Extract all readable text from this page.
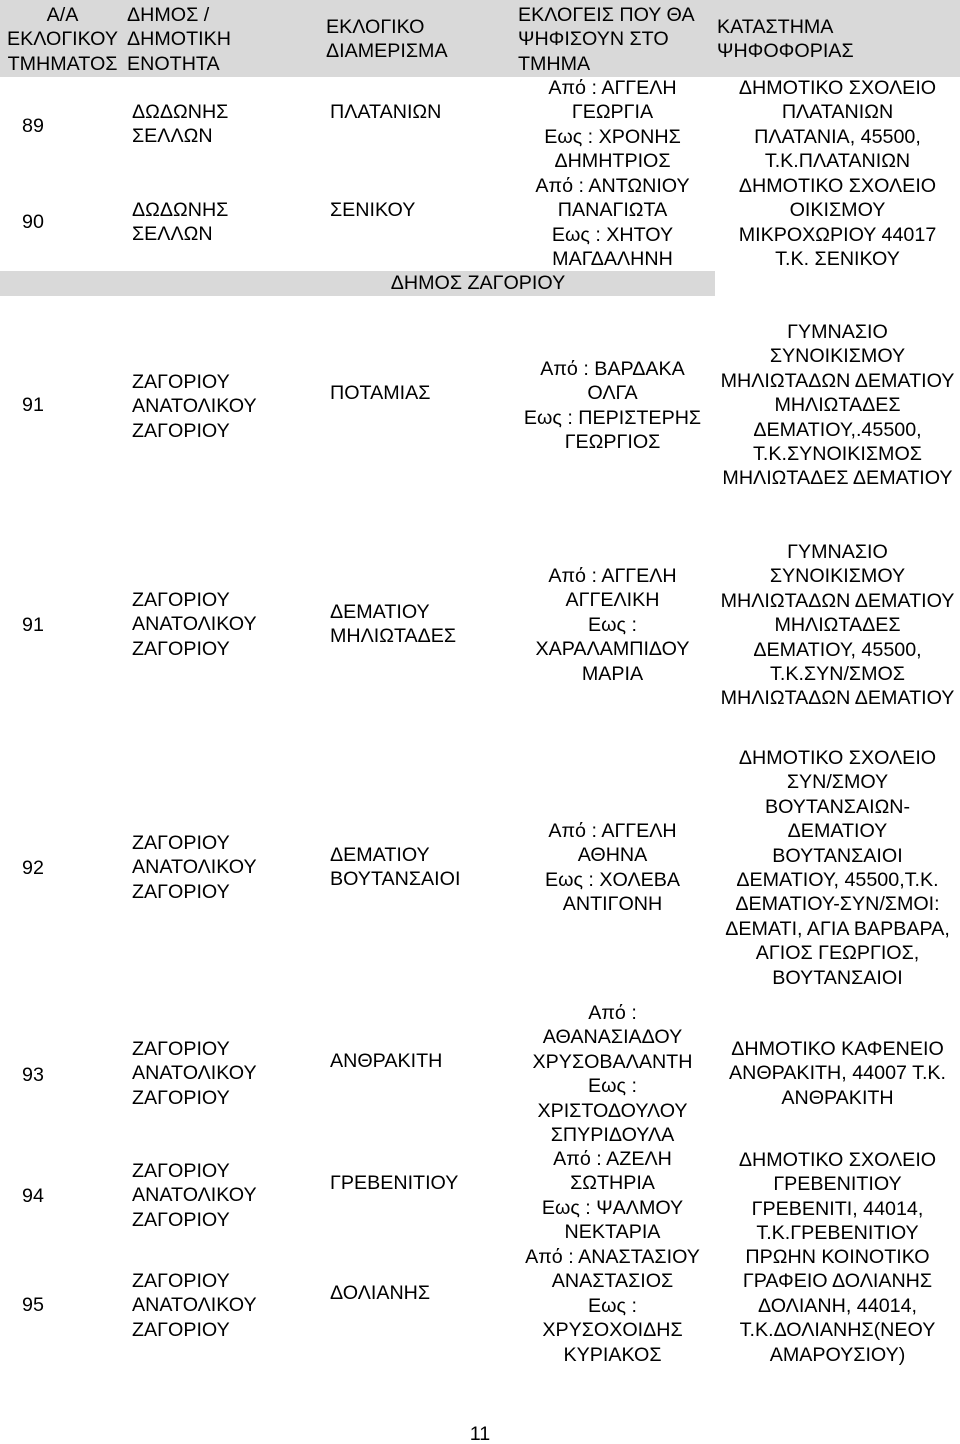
Α/Α
ΕΚΛΟΓΙΚΟΥ
ΤΜΗΜΑΤΟΣ
ΔΗΜΟΣ /
ΔΗΜΟΤΙΚΗ
ΕΝΟΤΗΤΑ
ΕΚΛΟΓΙΚΟ
ΔΙΑΜΕΡΙΣΜΑ
ΕΚΛΟΓΕΙΣ ΠΟΥ ΘΑ
ΨΗΦΙΣΟΥΝ ΣΤΟ
ΤΜΗΜΑ
ΚΑΤΑΣΤΗΜΑ
ΨΗΦΟΦΟΡΙΑΣ
89
ΔΩΔΩΝΗΣ
ΣΕΛΛΩΝ
ΠΛΑΤΑΝΙΩΝ
Από : ΑΓΓΕΛΗ
ΓΕΩΡΓΙΑ
Εως : ΧΡΟΝΗΣ
ΔΗΜΗΤΡΙΟΣ
ΔΗΜΟΤΙΚΟ ΣΧΟΛΕΙΟ
ΠΛΑΤΑΝΙΩΝ
ΠΛΑΤΑΝΙΑ, 45500,
Τ.Κ.ΠΛΑΤΑΝΙΩΝ
90
ΔΩΔΩΝΗΣ
ΣΕΛΛΩΝ
ΣΕΝΙΚΟΥ
Από : ΑΝΤΩΝΙΟΥ
ΠΑΝΑΓΙΩΤΑ
Εως : ΧΗΤΟΥ
ΜΑΓΔΑΛΗΝΗ
ΔΗΜΟΤΙΚΟ ΣΧΟΛΕΙΟ
ΟΙΚΙΣΜΟΥ
ΜΙΚΡΟΧΩΡΙΟΥ 44017
Τ.Κ. ΣΕΝΙΚΟΥ
ΔΗΜΟΣ ΖΑΓΟΡΙΟΥ
91
ΖΑΓΟΡΙΟΥ
ΑΝΑΤΟΛΙΚΟΥ
ΖΑΓΟΡΙΟΥ
ΠΟΤΑΜΙΑΣ
Από : ΒΑΡΔΑΚΑ
ΟΛΓΑ
Εως : ΠΕΡΙΣΤΕΡΗΣ
ΓΕΩΡΓΙΟΣ
ΓΥΜΝΑΣΙΟ
ΣΥΝΟΙΚΙΣΜΟΥ
ΜΗΛΙΩΤΑΔΩΝ ΔΕΜΑΤΙΟΥ
ΜΗΛΙΩΤΑΔΕΣ
ΔΕΜΑΤΙΟΥ,.45500,
Τ.Κ.ΣΥΝΟΙΚΙΣΜΟΣ
ΜΗΛΙΩΤΑΔΕΣ ΔΕΜΑΤΙΟΥ
91
ΖΑΓΟΡΙΟΥ
ΑΝΑΤΟΛΙΚΟΥ
ΖΑΓΟΡΙΟΥ
ΔΕΜΑΤΙΟΥ
ΜΗΛΙΩΤΑΔΕΣ
Από : ΑΓΓΕΛΗ
ΑΓΓΕΛΙΚΗ
Εως :
ΧΑΡΑΛΑΜΠΙΔΟΥ
ΜΑΡΙΑ
ΓΥΜΝΑΣΙΟ
ΣΥΝΟΙΚΙΣΜΟΥ
ΜΗΛΙΩΤΑΔΩΝ ΔΕΜΑΤΙΟΥ
ΜΗΛΙΩΤΑΔΕΣ
ΔΕΜΑΤΙΟΥ, 45500,
Τ.Κ.ΣΥΝ/ΣΜΟΣ
ΜΗΛΙΩΤΑΔΩΝ ΔΕΜΑΤΙΟΥ
92
ΖΑΓΟΡΙΟΥ
ΑΝΑΤΟΛΙΚΟΥ
ΖΑΓΟΡΙΟΥ
ΔΕΜΑΤΙΟΥ
ΒΟΥΤΑΝΣΑΙΟΙ
Από : ΑΓΓΕΛΗ
ΑΘΗΝΑ
Εως : ΧΟΛΕΒΑ
ΑΝΤΙΓΟΝΗ
ΔΗΜΟΤΙΚΟ ΣΧΟΛΕΙΟ
ΣΥΝ/ΣΜΟΥ
ΒΟΥΤΑΝΣΑΙΩΝ-
ΔΕΜΑΤΙΟΥ
ΒΟΥΤΑΝΣΑΙΟΙ
ΔΕΜΑΤΙΟΥ, 45500,Τ.Κ.
ΔΕΜΑΤΙΟΥ-ΣΥΝ/ΣΜΟΙ:
ΔΕΜΑΤΙ, ΑΓΙΑ ΒΑΡΒΑΡΑ,
ΑΓΙΟΣ ΓΕΩΡΓΙΟΣ,
ΒΟΥΤΑΝΣΑΙΟΙ
93
ΖΑΓΟΡΙΟΥ
ΑΝΑΤΟΛΙΚΟΥ
ΖΑΓΟΡΙΟΥ
ΑΝΘΡΑΚΙΤΗ
Από :
ΑΘΑΝΑΣΙΑΔΟΥ
ΧΡΥΣΟΒΑΛΑΝΤΗ
Εως :
ΧΡΙΣΤΟΔΟΥΛΟΥ
ΣΠΥΡΙΔΟΥΛΑ
ΔΗΜΟΤΙΚΟ ΚΑΦΕΝΕΙΟ
ΑΝΘΡΑΚΙΤΗ, 44007 Τ.Κ.
ΑΝΘΡΑΚΙΤΗ
94
ΖΑΓΟΡΙΟΥ
ΑΝΑΤΟΛΙΚΟΥ
ΖΑΓΟΡΙΟΥ
ΓΡΕΒΕΝΙΤΙΟΥ
Από : ΑΖΕΛΗ
ΣΩΤΗΡΙΑ
Εως : ΨΑΛΜΟΥ
ΝΕΚΤΑΡΙΑ
ΔΗΜΟΤΙΚΟ ΣΧΟΛΕΙΟ
ΓΡΕΒΕΝΙΤΙΟΥ
ΓΡΕΒΕΝΙΤΙ, 44014,
Τ.Κ.ΓΡΕΒΕΝΙΤΙΟΥ
95
ΖΑΓΟΡΙΟΥ
ΑΝΑΤΟΛΙΚΟΥ
ΖΑΓΟΡΙΟΥ
ΔΟΛΙΑΝΗΣ
Από : ΑΝΑΣΤΑΣΙΟΥ
ΑΝΑΣΤΑΣΙΟΣ
Εως :
ΧΡΥΣΟΧΟΙΔΗΣ
ΚΥΡΙΑΚΟΣ
ΠΡΩΗΝ ΚΟΙΝΟΤΙΚΟ
ΓΡΑΦΕΙΟ ΔΟΛΙΑΝΗΣ
ΔΟΛΙΑΝΗ, 44014,
Τ.Κ.ΔΟΛΙΑΝΗΣ(ΝΕΟΥ
ΑΜΑΡΟΥΣΙΟΥ)
11
